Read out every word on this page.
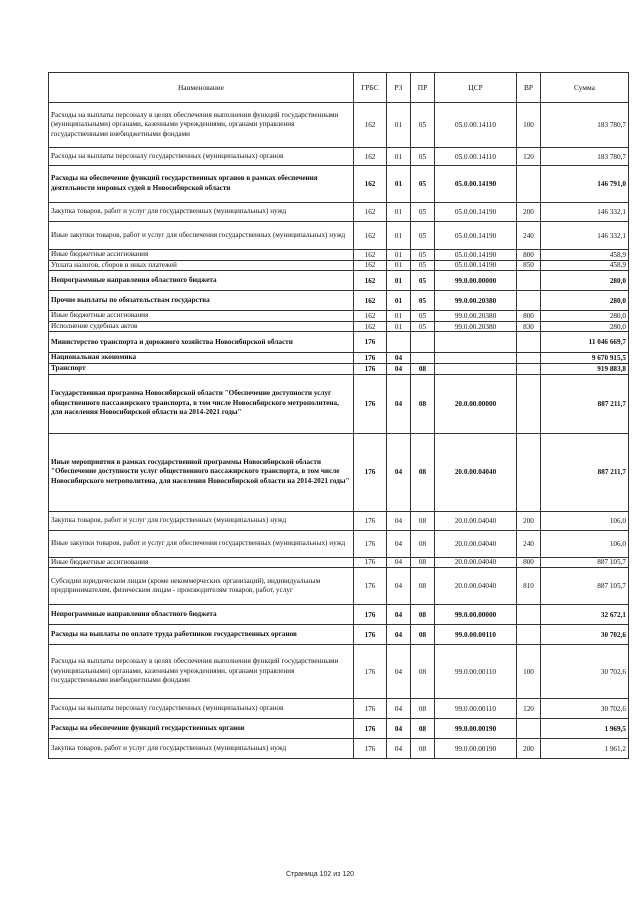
Наименование	ГРБС	РЗ	ПР	ЦСР	ВР	Сумма
Расходы на выплаты персоналу в целях обеспечения выполнения функций государственными (муниципальными) органами, казенными учреждениями, органами управления государственными внебюджетными фондами	162	01	05	05.0.00.14110	100	183 780,7
Расходы на выплаты персоналу государственных (муниципальных) органов	162	01	05	05.0.00.14110	120	183 780,7
Расходы на обеспечение функций государственных органов в рамках обеспечения деятельности мировых судей в Новосибирской области	162	01	05	05.0.00.14190		146 791,0
Закупка товаров, работ и услуг для государственных (муниципальных) нужд	162	01	05	05.0.00.14190	200	146 332,1
Иные закупки товаров, работ и услуг для обеспечения государственных (муниципальных) нужд	162	01	05	05.0.00.14190	240	146 332,1
Иные бюджетные ассигнования	162	01	05	05.0.00.14190	800	458,9
Уплата налогов, сборов и иных платежей	162	01	05	05.0.00.14190	850	458,9
Непрограммные направления областного бюджета	162	01	05	99.0.00.00000		280,0
Прочие выплаты по обязательствам государства	162	01	05	99.0.00.20380		280,0
Иные бюджетные ассигнования	162	01	05	99.0.00.20380	800	280,0
Исполнение судебных актов	162	01	05	99.0.00.20380	830	280,0
Министерство транспорта и дорожного хозяйства Новосибирской области	176					11 046 669,7
Национальная экономика	176	04				9 670 915,5
Транспорт	176	04	08			919 883,8
Государственная программа Новосибирской области "Обеспечение доступности услуг общественного пассажирского транспорта, в том числе Новосибирского метрополитена, для населения Новосибирской области на 2014-2021 годы"	176	04	08	20.0.00.00000		887 211,7
Иные мероприятия в рамках государственной программы Новосибирской области "Обеспечение доступности услуг общественного пассажирского транспорта, в том числе Новосибирского метрополитена, для населения Новосибирской области на 2014-2021 годы"	176	04	08	20.0.00.04040		887 211,7
Закупка товаров, работ и услуг для государственных (муниципальных) нужд	176	04	08	20.0.00.04040	200	106,0
Иные закупки товаров, работ и услуг для обеспечения государственных (муниципальных) нужд	176	04	08	20.0.00.04040	240	106,0
Иные бюджетные ассигнования	176	04	08	20.0.00.04040	800	887 105,7
Субсидии юридическим лицам (кроме некоммерческих организаций), индивидуальным предпринимателям, физическим лицам - производителям товаров, работ, услуг	176	04	08	20.0.00.04040	810	887 105,7
Непрограммные направления областного бюджета	176	04	08	99.0.00.00000		32 672,1
Расходы на выплаты по оплате труда работников государственных органов	176	04	08	99.0.00.00110		30 702,6
Расходы на выплаты персоналу в целях обеспечения выполнения функций государственными (муниципальными) органами, казенными учреждениями, органами управления государственными внебюджетными фондами	176	04	08	99.0.00.00110	100	30 702,6
Расходы на выплаты персоналу государственных (муниципальных) органов	176	04	08	99.0.00.00110	120	30 702,6
Расходы на обеспечение функций государственных органов	176	04	08	99.0.00.00190		1 969,5
Закупка товаров, работ и услуг для государственных (муниципальных) нужд	176	04	08	99.0.00.00190	200	1 961,2
Страница 102 из 120
